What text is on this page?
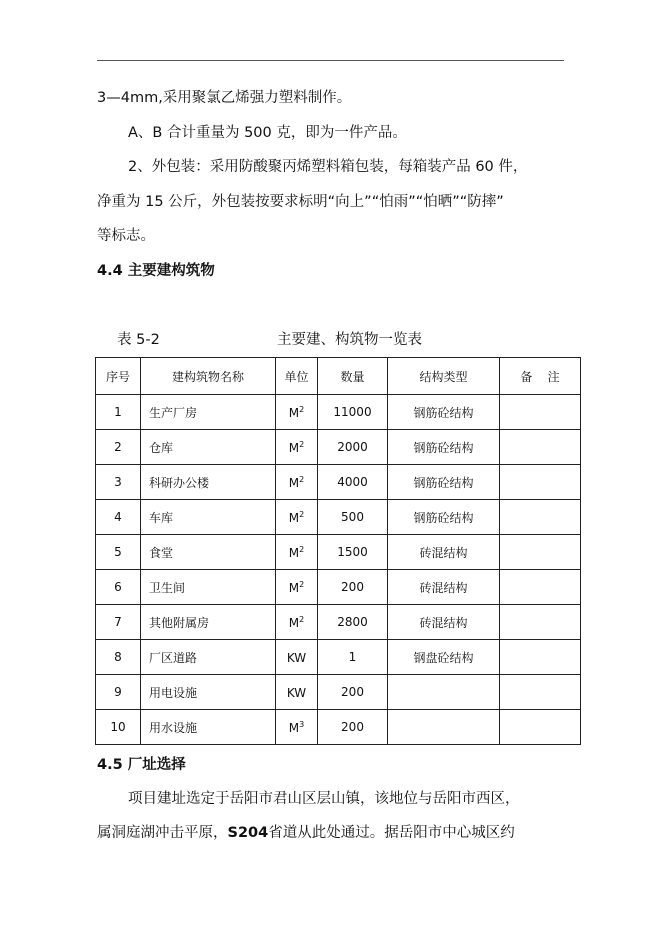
3—4mm,采用聚氯乙烯强力塑料制作。
A、B 合计重量为 500 克，即为一件产品。
2、外包装：采用防酸聚丙烯塑料箱包装，每箱装产品 60 件，
净重为 15 公斤，外包装按要求标明“向上”“怕雨”“怕晒”“防摔”
等标志。
4.4 主要建构筑物
表 5-2	主要建、构筑物一览表
序号	建构筑物名称	单位	数量	结构类型	备    注
1	生产厂房	$M^2$	11000	钢筋砼结构	
2	仓库	$M^2$	2000	钢筋砼结构	
3	科研办公楼	$M^2$	4000	钢筋砼结构	
4	车库	$M^2$	500	钢筋砼结构	
5	食堂	$M^2$	1500	砖混结构	
6	卫生间	$M^2$	200	砖混结构	
7	其他附属房	$M^2$	2800	砖混结构	
8	厂区道路	KW	1	钢盘砼结构	
9	用电设施	KW	200		
10	用水设施	$M^3$	200		
4.5 厂址选择
项目建址选定于岳阳市君山区层山镇，该地位与岳阳市西区，
属洞庭湖冲击平原，S204省道从此处通过。据岳阳市中心城区约
